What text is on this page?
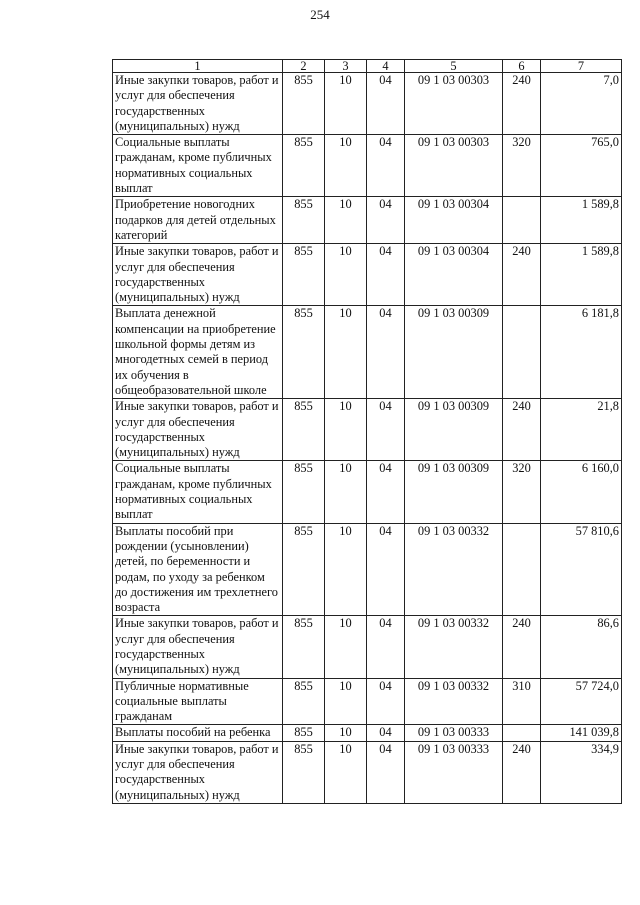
254
1	2	3	4	5	6	7
Иные закупки товаров, работ и услуг для обеспечения государственных (муниципальных) нужд	855	10	04	09 1 03 00303	240	7,0
Социальные выплаты гражданам, кроме публичных нормативных социальных выплат	855	10	04	09 1 03 00303	320	765,0
Приобретение новогодних подарков для детей отдельных категорий	855	10	04	09 1 03 00304		1 589,8
Иные закупки товаров, работ и услуг для обеспечения государственных (муниципальных) нужд	855	10	04	09 1 03 00304	240	1 589,8
Выплата денежной компенсации на приобретение школьной формы детям из многодетных семей в период их обучения в общеобразовательной школе	855	10	04	09 1 03 00309		6 181,8
Иные закупки товаров, работ и услуг для обеспечения государственных (муниципальных) нужд	855	10	04	09 1 03 00309	240	21,8
Социальные выплаты гражданам, кроме публичных нормативных социальных выплат	855	10	04	09 1 03 00309	320	6 160,0
Выплаты пособий при рождении (усыновлении) детей, по беременности и родам, по уходу за ребенком до достижения им трехлетнего возраста	855	10	04	09 1 03 00332		57 810,6
Иные закупки товаров, работ и услуг для обеспечения государственных (муниципальных) нужд	855	10	04	09 1 03 00332	240	86,6
Публичные нормативные социальные выплаты гражданам	855	10	04	09 1 03 00332	310	57 724,0
Выплаты пособий на ребенка	855	10	04	09 1 03 00333		141 039,8
Иные закупки товаров, работ и услуг для обеспечения государственных (муниципальных) нужд	855	10	04	09 1 03 00333	240	334,9
